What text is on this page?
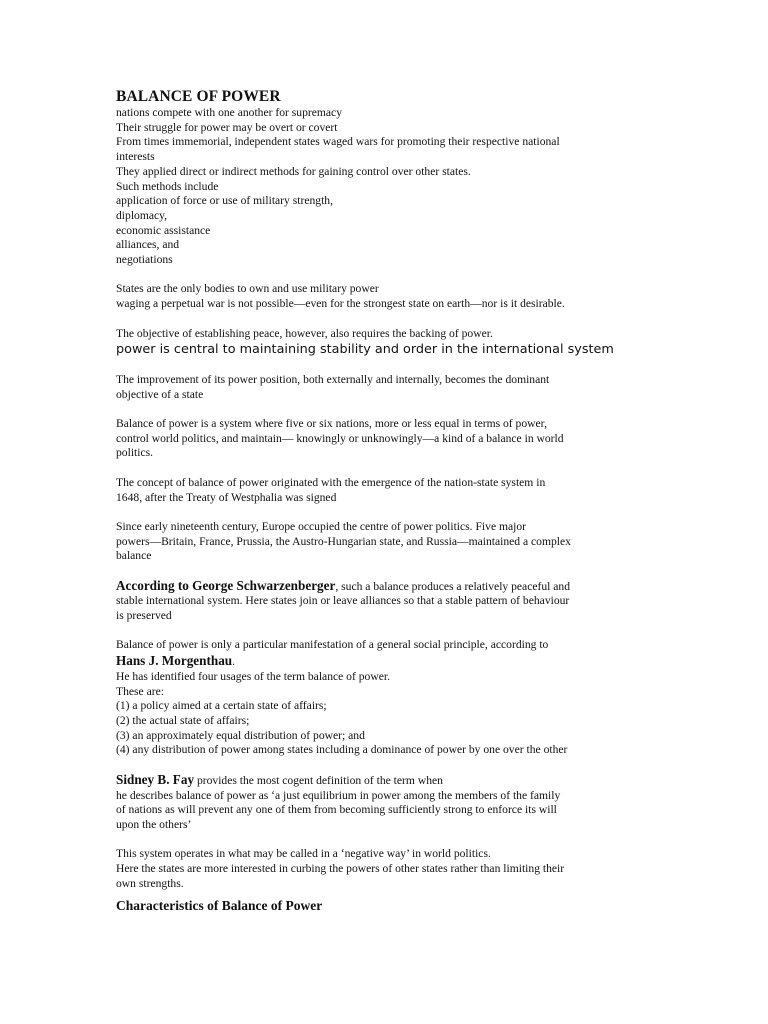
BALANCE OF POWER
nations compete with one another for supremacy
Their struggle for power may be overt or covert
From times immemorial, independent states waged wars for promoting their respective national
interests
They applied direct or indirect methods for gaining control over other states.
Such methods include
application of force or use of military strength,
diplomacy,
economic assistance
alliances, and
negotiations
States are the only bodies to own and use military power
waging a perpetual war is not possible—even for the strongest state on earth—nor is it desirable.
The objective of establishing peace, however, also requires the backing of power.
power is central to maintaining stability and order in the international system
The improvement of its power position, both externally and internally, becomes the dominant
objective of a state
Balance of power is a system where five or six nations, more or less equal in terms of power,
control world politics, and maintain— knowingly or unknowingly—a kind of a balance in world
politics.
The concept of balance of power originated with the emergence of the nation-state system in
1648, after the Treaty of Westphalia was signed
Since early nineteenth century, Europe occupied the centre of power politics. Five major
powers—Britain, France, Prussia, the Austro-Hungarian state, and Russia—maintained a complex
balance
According to George Schwarzenberger, such a balance produces a relatively peaceful and
stable international system. Here states join or leave alliances so that a stable pattern of behaviour
is preserved
Balance of power is only a particular manifestation of a general social principle, according to
Hans J. Morgenthau.
He has identified four usages of the term balance of power.
These are:
(1) a policy aimed at a certain state of affairs;
(2) the actual state of affairs;
(3) an approximately equal distribution of power; and
(4) any distribution of power among states including a dominance of power by one over the other
Sidney B. Fay provides the most cogent definition of the term when
he describes balance of power as ‘a just equilibrium in power among the members of the family
of nations as will prevent any one of them from becoming sufficiently strong to enforce its will
upon the others’
This system operates in what may be called in a ‘negative way’ in world politics.
Here the states are more interested in curbing the powers of other states rather than limiting their
own strengths.
Characteristics of Balance of Power
